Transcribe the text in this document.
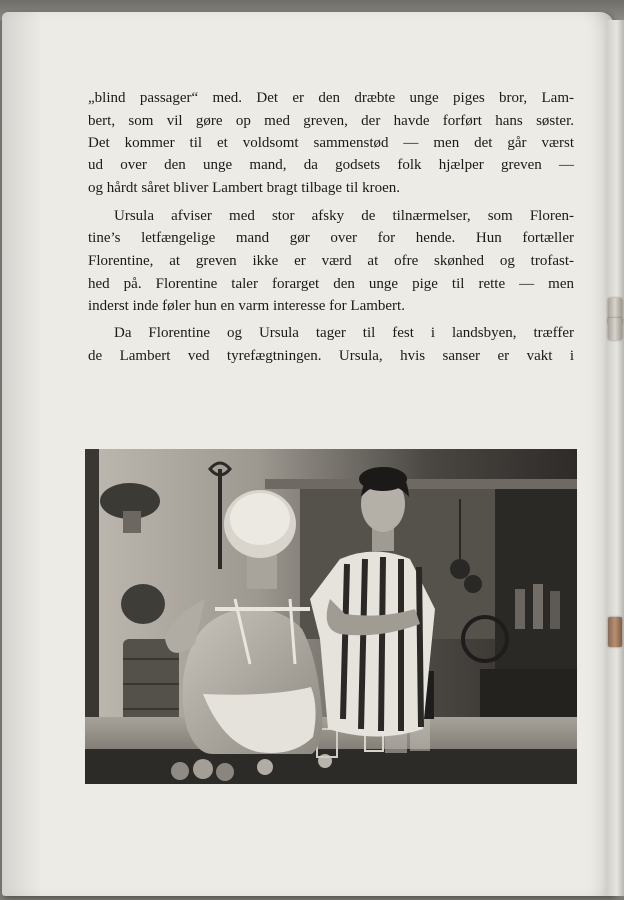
„blind passager“ med. Det er den dræbte unge piges bror, Lam-
bert, som vil gøre op med greven, der havde forført hans søster.
Det kommer til et voldsomt sammenstød — men det går værst
ud over den unge mand, da godsets folk hjælper greven —
og hårdt såret bliver Lambert bragt tilbage til kroen.
Ursula afviser med stor afsky de tilnærmelser, som Floren-
tine’s letfængelige mand gør over for hende. Hun fortæller
Florentine, at greven ikke er værd at ofre skønhed og trofast-
hed på. Florentine taler forarget den unge pige til rette — men
inderst inde føler hun en varm interesse for Lambert.
Da Florentine og Ursula tager til fest i landsbyen, træffer
de Lambert ved tyrefægtningen. Ursula, hvis sanser er vakt i
